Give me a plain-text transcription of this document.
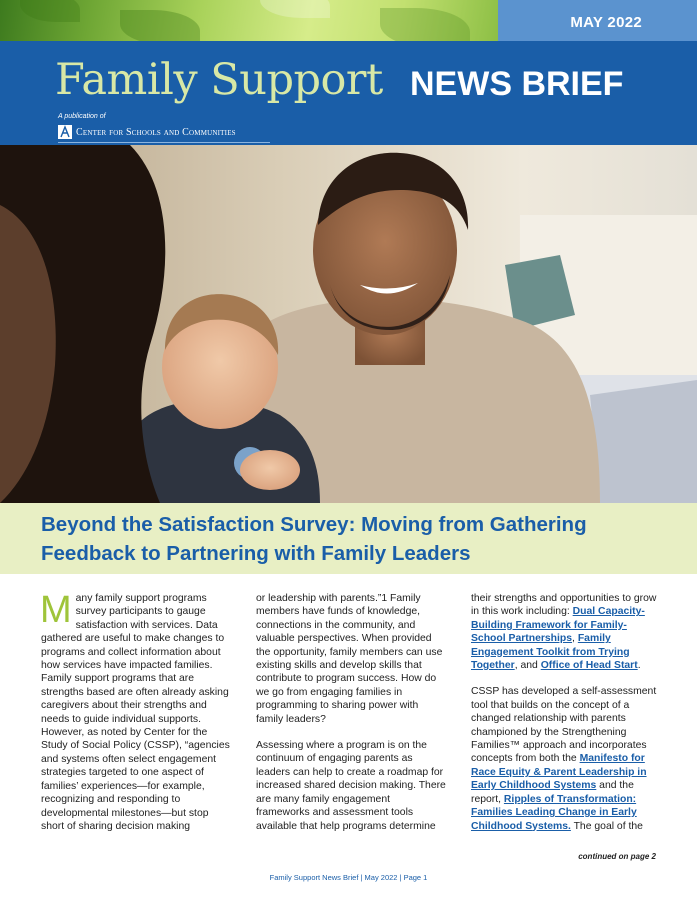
MAY 2022
Family Support NEWS BRIEF
A publication of
Center for Schools and Communities
Beyond the Satisfaction Survey: Moving from Gathering Feedback to Partnering with Family Leaders

M any family support programs survey participants to gauge satisfaction with services. Data gathered are useful to make changes to programs and collect information about how services have impacted families. Family support programs that are strengths based are often already asking caregivers about their strengths and needs to guide individual supports. However, as noted by Center for the Study of Social Policy (CSSP), “agencies and systems often select engagement strategies targeted to one aspect of families’ experiences—for example, recognizing and responding to developmental milestones—but stop short of sharing decision making

or leadership with parents.”1 Family members have funds of knowledge, connections in the community, and valuable perspectives. When provided the opportunity, family members can use existing skills and develop skills that contribute to program success. How do we go from engaging families in programming to sharing power with family leaders?

Assessing where a program is on the continuum of engaging parents as leaders can help to create a roadmap for increased shared decision making. There are many family engagement frameworks and assessment tools available that help programs determine

their strengths and opportunities to grow in this work including: Dual Capacity-Building Framework for Family-School Partnerships, Family Engagement Toolkit from Trying Together, and Office of Head Start.

CSSP has developed a self-assessment tool that builds on the concept of a changed relationship with parents championed by the Strengthening Families™ approach and incorporates concepts from both the Manifesto for Race Equity & Parent Leadership in Early Childhood Systems and the report, Ripples of Transformation: Families Leading Change in Early Childhood Systems. The goal of the

continued on page 2
Family Support News Brief | May 2022 | Page 1
